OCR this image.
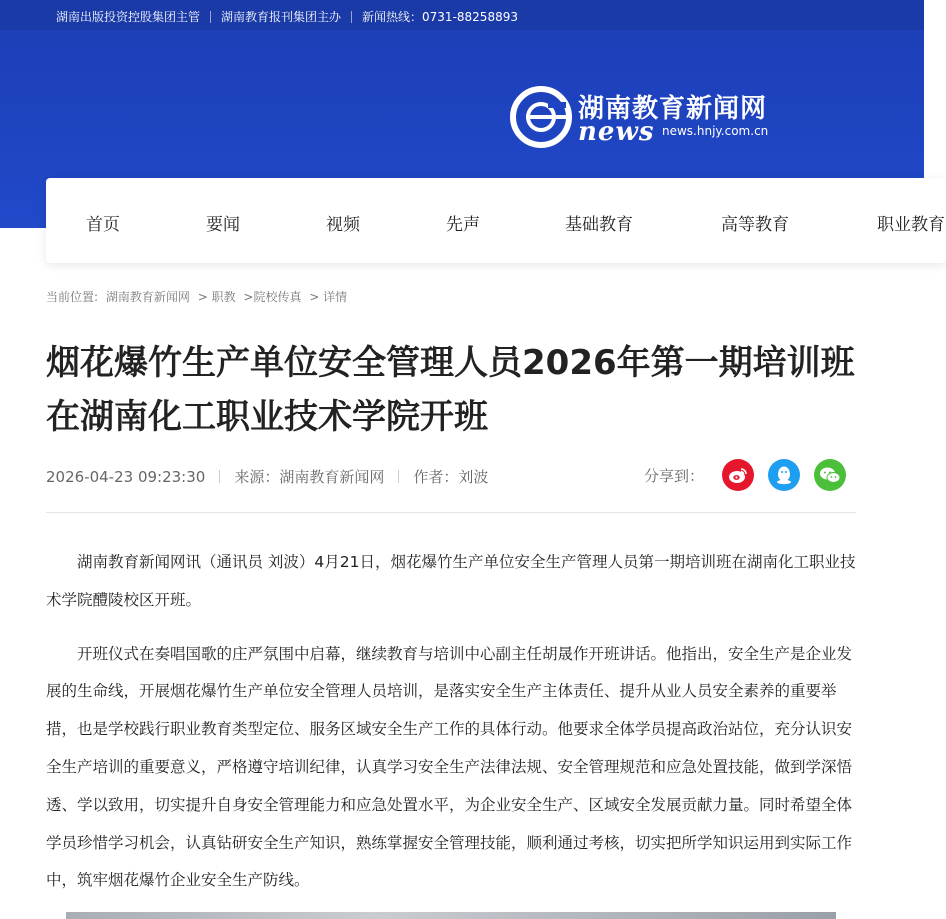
湖南出版投资控股集团主管 湖南教育报刊集团主办 新闻热线：0731-88258893
湖南教育新闻网
news news.hnjy.com.cn
首页	要闻	视频	先声	基础教育	高等教育	职业教育
当前位置: 湖南教育新闻网 > 职教 >院校传真 > 详情
烟花爆竹生产单位安全管理人员2026年第一期培训班在湖南化工职业技术学院开班
2026-04-23 09:23:30 来源：湖南教育新闻网 作者：刘波	分享到：

湖南教育新闻网讯（通讯员 刘波）4月21日，烟花爆竹生产单位安全生产管理人员第一期培训班在湖南化工职业技术学院醴陵校区开班。

开班仪式在奏唱国歌的庄严氛围中启幕，继续教育与培训中心副主任胡晟作开班讲话。他指出，安全生产是企业发展的生命线，开展烟花爆竹生产单位安全管理人员培训，是落实安全生产主体责任、提升从业人员安全素养的重要举措，也是学校践行职业教育类型定位、服务区域安全生产工作的具体行动。他要求全体学员提高政治站位，充分认识安全生产培训的重要意义，严格遵守培训纪律，认真学习安全生产法律法规、安全管理规范和应急处置技能，做到学深悟透、学以致用，切实提升自身安全管理能力和应急处置水平，为企业安全生产、区域安全发展贡献力量。同时希望全体学员珍惜学习机会，认真钻研安全生产知识，熟练掌握安全管理技能，顺利通过考核，切实把所学知识运用到实际工作中，筑牢烟花爆竹企业安全生产防线。
